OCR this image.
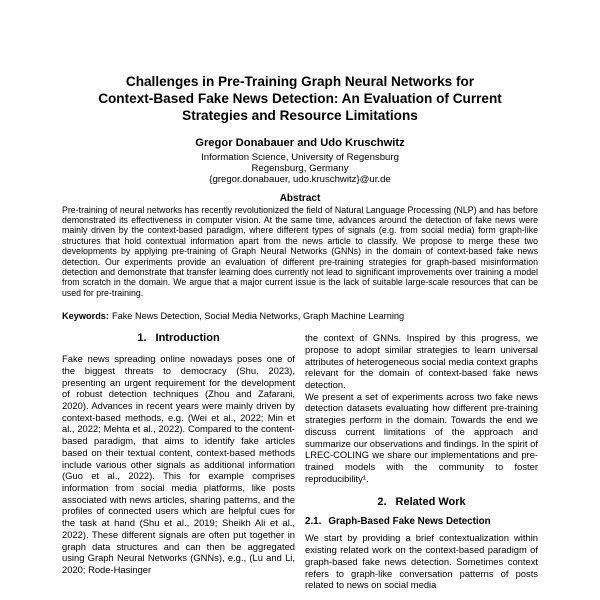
Challenges in Pre-Training Graph Neural Networks for
Context-Based Fake News Detection: An Evaluation of Current
Strategies and Resource Limitations
Gregor Donabauer and Udo Kruschwitz
Information Science, University of Regensburg
Regensburg, Germany
{gregor.donabauer, udo.kruschwitz}@ur.de
Abstract

Pre-training of neural networks has recently revolutionized the field of Natural Language Processing (NLP) and has before demonstrated its effectiveness in computer vision. At the same time, advances around the detection of fake news were mainly driven by the context-based paradigm, where different types of signals (e.g. from social media) form graph-like structures that hold contextual information apart from the news article to classify. We propose to merge these two developments by applying pre-training of Graph Neural Networks (GNNs) in the domain of context-based fake news detection. Our experiments provide an evaluation of different pre-training strategies for graph-based misinformation detection and demonstrate that transfer learning does currently not lead to significant improvements over training a model from scratch in the domain. We argue that a major current issue is the lack of suitable large-scale resources that can be used for pre-training.

Keywords: Fake News Detection, Social Media Networks, Graph Machine Learning

1. Introduction

Fake news spreading online nowadays poses one of the biggest threats to democracy (Shu, 2023), presenting an urgent requirement for the development of robust detection techniques (Zhou and Zafarani, 2020). Advances in recent years were mainly driven by context-based methods, e.g. (Wei et al., 2022; Min et al., 2022; Mehta et al., 2022). Compared to the content-based paradigm, that aims to identify fake articles based on their textual content, context-based methods include various other signals as additional information (Guo et al., 2022). This for example comprises information from social media platforms, like posts associated with news articles, sharing patterns, and the profiles of connected users which are helpful cues for the task at hand (Shu et al., 2019; Sheikh Ali et al., 2022). These different signals are often put together in graph data structures and can then be aggregated using Graph Neural Networks (GNNs), e.g., (Lu and Li, 2020; Rode-Hasinger

the context of GNNs. Inspired by this progress, we propose to adopt similar strategies to learn universal attributes of heterogeneous social media context graphs relevant for the domain of context-based fake news detection.

We present a set of experiments across two fake news detection datasets evaluating how different pre-training strategies perform in the domain. Towards the end we discuss current limitations of the approach and summarize our observations and findings. In the spirit of LREC-COLING we share our implementations and pre-trained models with the community to foster reproducibility¹.

2. Related Work
2.1. Graph-Based Fake News Detection

We start by providing a brief contextualization within existing related work on the context-based paradigm of graph-based fake news detection. Sometimes context refers to graph-like conversation patterns of posts related to news on social media
